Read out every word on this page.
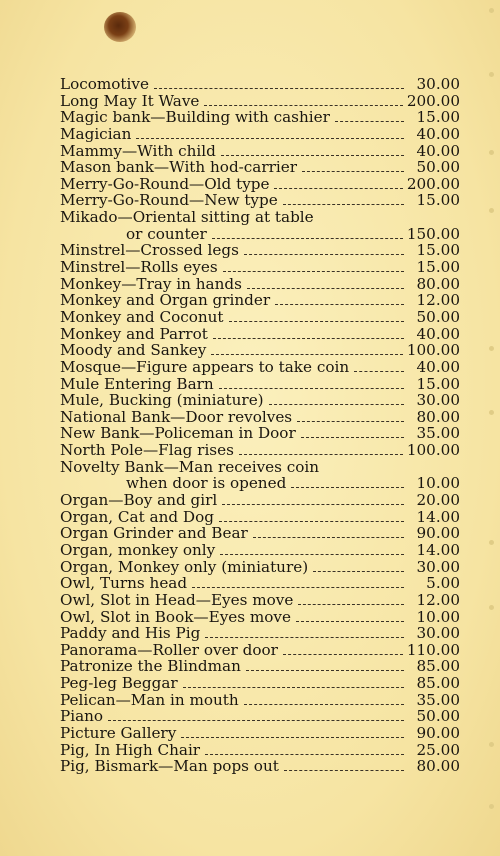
Locomotive	30.00
Long May It Wave	200.00
Magic bank—Building with cashier	15.00
Magician	40.00
Mammy—With child	40.00
Mason bank—With hod-carrier	50.00
Merry-Go-Round—Old type	200.00
Merry-Go-Round—New type	15.00
Mikado—Oriental sitting at table
or counter	150.00
Minstrel—Crossed legs	15.00
Minstrel—Rolls eyes	15.00
Monkey—Tray in hands	80.00
Monkey and Organ grinder	12.00
Monkey and Coconut	50.00
Monkey and Parrot	40.00
Moody and Sankey	100.00
Mosque—Figure appears to take coin	40.00
Mule Entering Barn	15.00
Mule, Bucking (miniature)	30.00
National Bank—Door revolves	80.00
New Bank—Policeman in Door	35.00
North Pole—Flag rises	100.00
Novelty Bank—Man receives coin
when door is opened	10.00
Organ—Boy and girl	20.00
Organ, Cat and Dog	14.00
Organ Grinder and Bear	90.00
Organ, monkey only	14.00
Organ, Monkey only (miniature)	30.00
Owl, Turns head	5.00
Owl, Slot in Head—Eyes move	12.00
Owl, Slot in Book—Eyes move	10.00
Paddy and His Pig	30.00
Panorama—Roller over door	110.00
Patronize the Blindman	85.00
Peg-leg Beggar	85.00
Pelican—Man in mouth	35.00
Piano	50.00
Picture Gallery	90.00
Pig, In High Chair	25.00
Pig, Bismark—Man pops out	80.00
